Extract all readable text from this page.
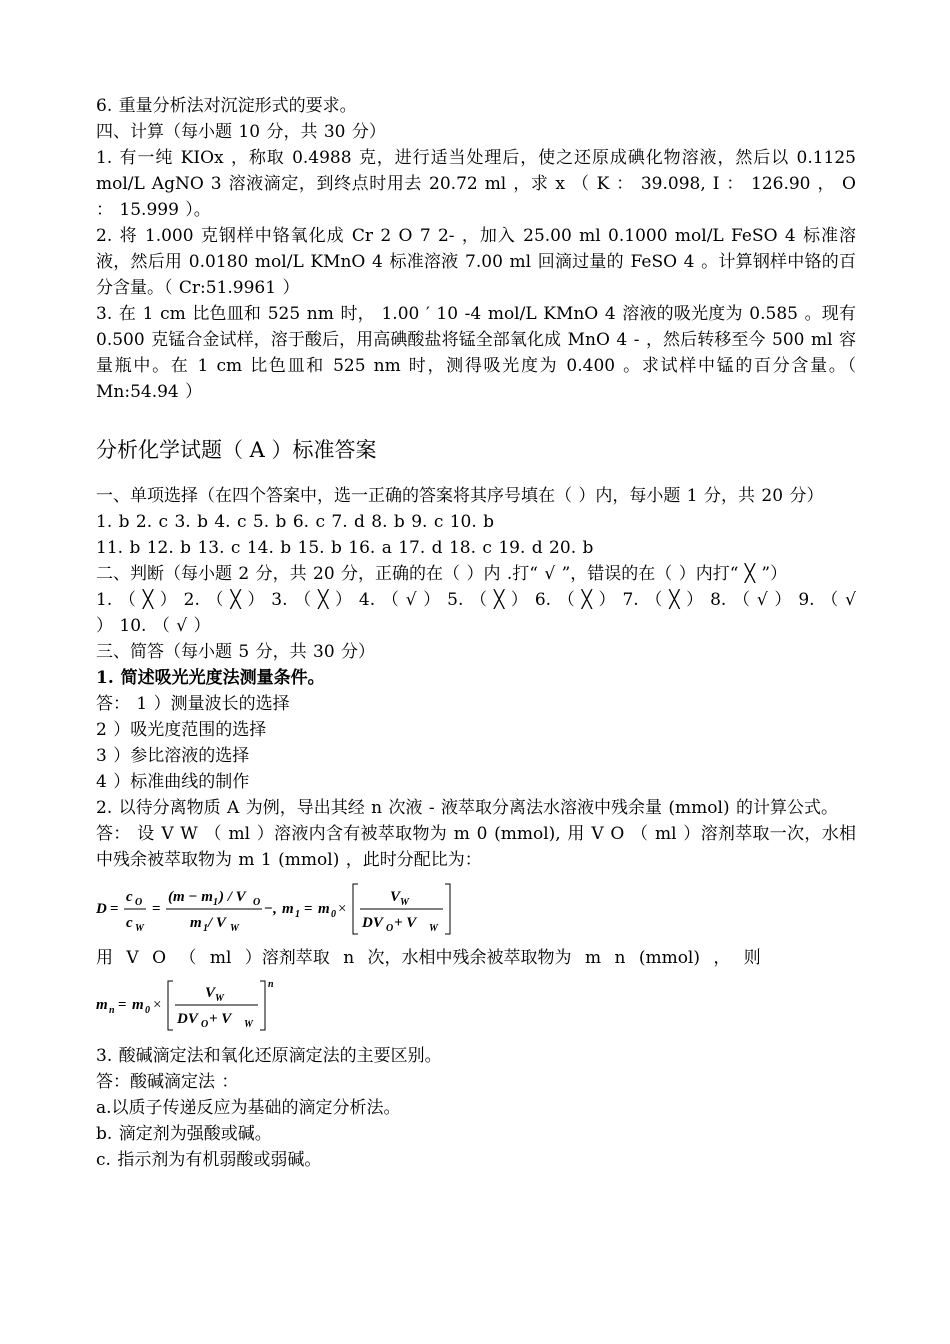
6. 重量分析法对沉淀形式的要求。

四、计算（每小题 10 分，共 30 分）

1. 有一纯 KIOx ，称取 0.4988 克，进行适当处理后，使之还原成碘化物溶液，然后以 0.1125 mol/L AgNO 3 溶液滴定，到终点时用去 20.72 ml ，求 x （ K ： 39.098, I ： 126.90 ， O ： 15.999 ）。

2. 将 1.000 克钢样中铬氧化成 Cr 2 O 7 2- ，加入 25.00 ml 0.1000 mol/L FeSO 4 标准溶液，然后用 0.0180 mol/L KMnO 4 标准溶液 7.00 ml 回滴过量的 FeSO 4 。计算钢样中铬的百分含量。（ Cr:51.9961 ）

3. 在 1 cm 比色皿和 525 nm 时， 1.00 ′ 10 -4 mol/L KMnO 4 溶液的吸光度为 0.585 。现有 0.500 克锰合金试样，溶于酸后，用高碘酸盐将锰全部氧化成 MnO 4 - ，然后转移至今 500 ml 容量瓶中。在 1 cm 比色皿和 525 nm 时，测得吸光度为 0.400 。求试样中锰的百分含量。（ Mn:54.94 ）

分析化学试题（ A ）标准答案

一、单项选择（在四个答案中，选一正确的答案将其序号填在（ ）内，每小题 1 分，共 20 分）

1. b 2. c 3. b 4. c 5. b 6. c 7. d 8. b 9. c 10. b

11. b 12. b 13. c 14. b 15. b 16. a 17. d 18. c 19. d 20. b

二、判断（每小题 2 分，共 20 分，正确的在（ ）内 .打“ √ ”，错误的在（ ）内打“ ╳ ”）

1. （ ╳ ） 2. （ ╳ ） 3. （ ╳ ） 4. （ √ ） 5. （ ╳ ） 6. （ ╳ ） 7. （ ╳ ） 8. （ √ ） 9. （ √ ） 10. （ √ ）

三、简答（每小题 5 分，共 30 分）

1. 简述吸光光度法测量条件。

答： 1 ）测量波长的选择

2 ）吸光度范围的选择

3 ）参比溶液的选择

4 ）标准曲线的制作

2. 以待分离物质 A 为例，导出其经 n 次液 - 液萃取分离法水溶液中残余量 (mmol) 的计算公式。

答： 设 V W （ ml ）溶液内含有被萃取物为 m 0 (mmol), 用 V O （ ml ）溶剂萃取一次，水相中残余被萃取物为 m 1 (mmol) ，此时分配比为：

D =
c O
c W
=
(m − m 1 ) / V O
m 1 / V W
−, m 1 = m 0 ×
V W
DV O + V W

用 V O （ ml ）溶剂萃取 n 次，水相中残余被萃取物为 m n (mmol) ， 则

m n = m 0 ×
n
V W
DV O + V W

3. 酸碱滴定法和氧化还原滴定法的主要区别。

答：酸碱滴定法 ：

a.以质子传递反应为基础的滴定分析法。

b. 滴定剂为强酸或碱。

c. 指示剂为有机弱酸或弱碱。
